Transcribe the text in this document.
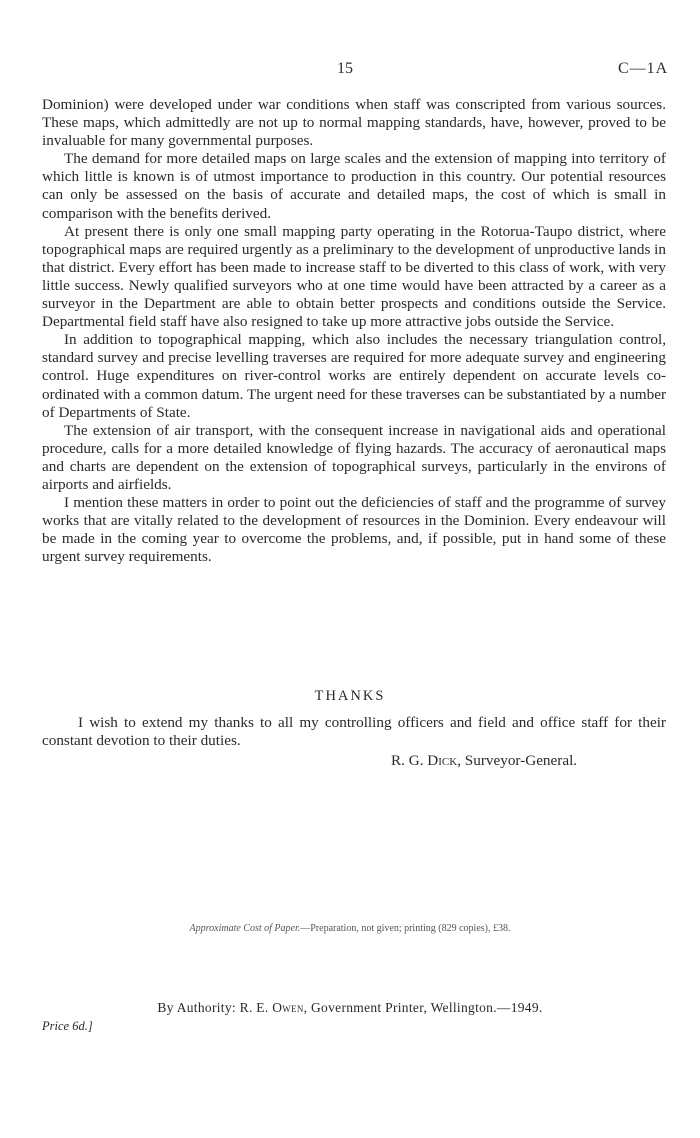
15	C—1A

Dominion) were developed under war conditions when staff was conscripted from various sources. These maps, which admittedly are not up to normal mapping standards, have, however, proved to be invaluable for many governmental purposes.

The demand for more detailed maps on large scales and the extension of mapping into territory of which little is known is of utmost importance to production in this country. Our potential resources can only be assessed on the basis of accurate and detailed maps, the cost of which is small in comparison with the benefits derived.

At present there is only one small mapping party operating in the Rotorua-Taupo district, where topographical maps are required urgently as a preliminary to the development of unproductive lands in that district. Every effort has been made to increase staff to be diverted to this class of work, with very little success. Newly qualified surveyors who at one time would have been attracted by a career as a surveyor in the Department are able to obtain better prospects and conditions outside the Service. Departmental field staff have also resigned to take up more attractive jobs outside the Service.

In addition to topographical mapping, which also includes the necessary triangulation control, standard survey and precise levelling traverses are required for more adequate survey and engineering control. Huge expenditures on river-control works are entirely dependent on accurate levels co-ordinated with a common datum. The urgent need for these traverses can be substantiated by a number of Departments of State.

The extension of air transport, with the consequent increase in navigational aids and operational procedure, calls for a more detailed knowledge of flying hazards. The accuracy of aeronautical maps and charts are dependent on the extension of topographical surveys, particularly in the environs of airports and airfields.

I mention these matters in order to point out the deficiencies of staff and the programme of survey works that are vitally related to the development of resources in the Dominion. Every endeavour will be made in the coming year to overcome the problems, and, if possible, put in hand some of these urgent survey requirements.

THANKS
I wish to extend my thanks to all my controlling officers and field and office staff for their constant devotion to their duties.
R. G. Dick, Surveyor-General.
Approximate Cost of Paper.—Preparation, not given; printing (829 copies), £38.
By Authority: R. E. Owen, Government Printer, Wellington.—1949.
Price 6d.]
